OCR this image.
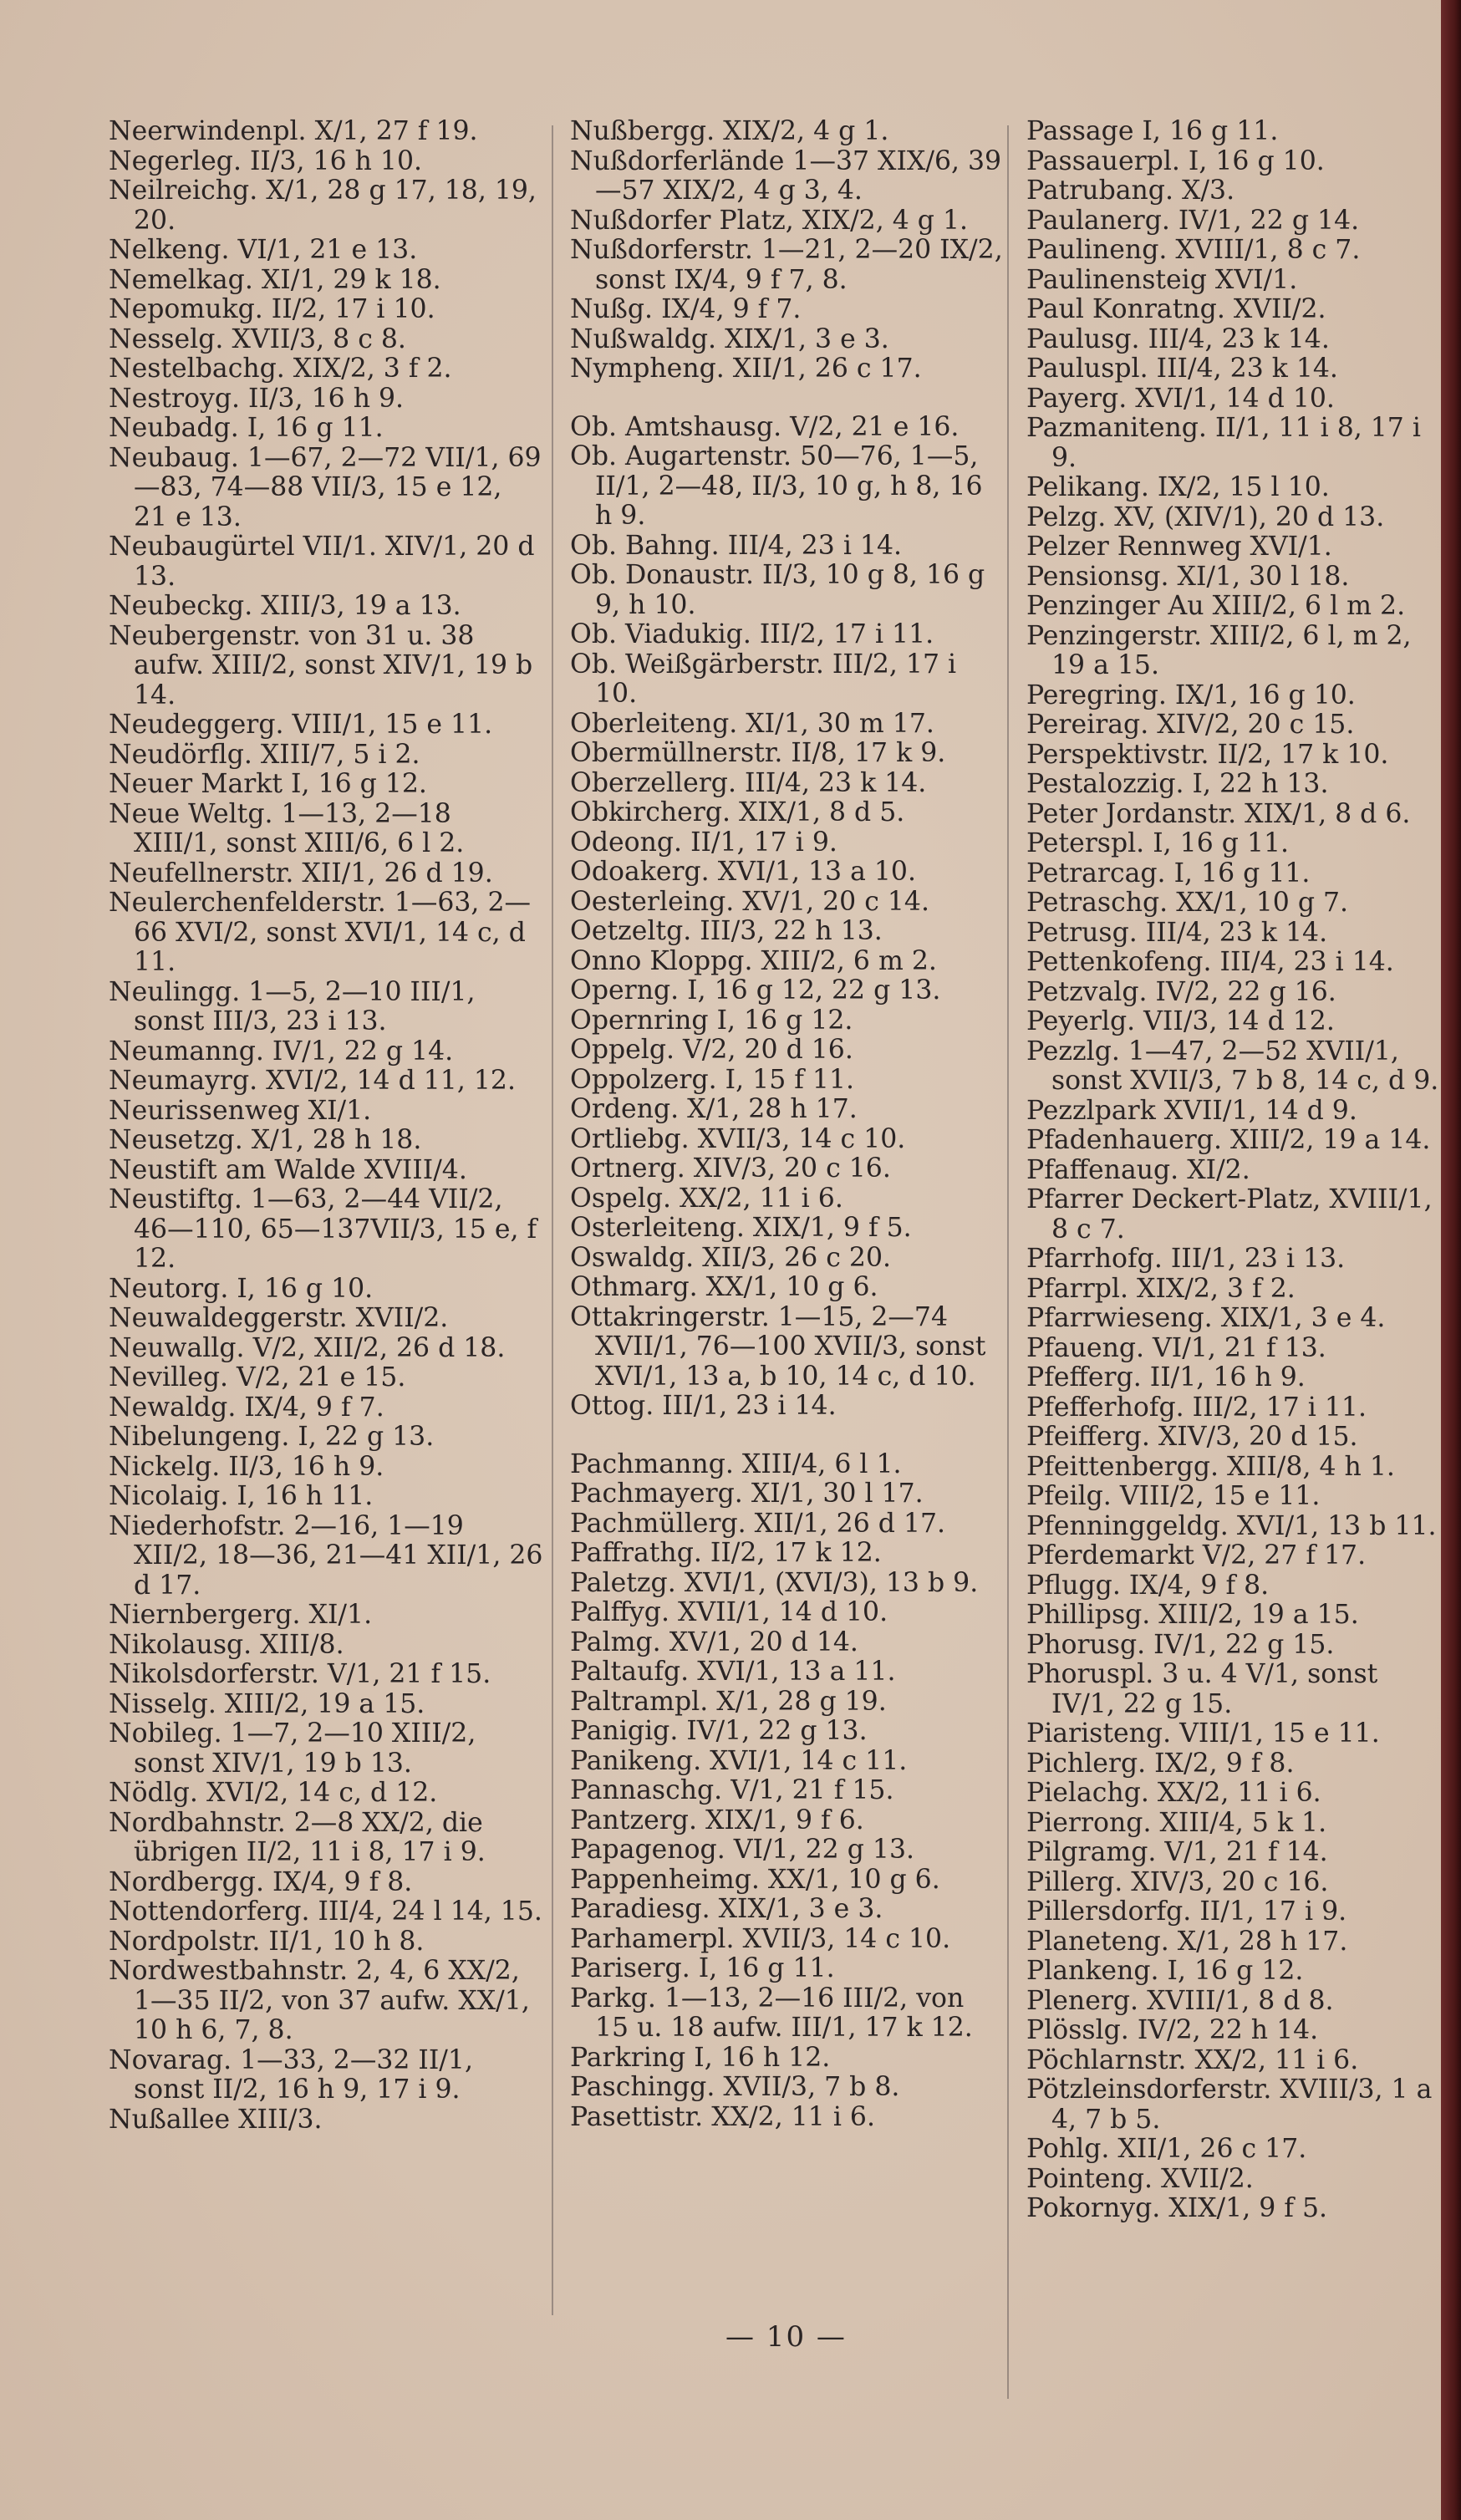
Neerwindenpl. X/1, 27 f 19.
Negerleg. II/3, 16 h 10.
Neilreichg. X/1, 28 g 17, 18, 19, 20.
Nelkeng. VI/1, 21 e 13.
Nemelkag. XI/1, 29 k 18.
Nepomukg. II/2, 17 i 10.
Nesselg. XVII/3, 8 c 8.
Nestelbachg. XIX/2, 3 f 2.
Nestroyg. II/3, 16 h 9.
Neubadg. I, 16 g 11.
Neubaug. 1—67, 2—72 VII/1, 69—83, 74—88 VII/3, 15 e 12, 21 e 13.
Neubaugürtel VII/1. XIV/1, 20 d 13.
Neubeckg. XIII/3, 19 a 13.
Neubergenstr. von 31 u. 38 aufw. XIII/2, sonst XIV/1, 19 b 14.
Neudeggerg. VIII/1, 15 e 11.
Neudörflg. XIII/7, 5 i 2.
Neuer Markt I, 16 g 12.
Neue Weltg. 1—13, 2—18 XIII/1, sonst XIII/6, 6 l 2.
Neufellnerstr. XII/1, 26 d 19.
Neulerchenfelderstr. 1—63, 2—66 XVI/2, sonst XVI/1, 14 c, d 11.
Neulingg. 1—5, 2—10 III/1, sonst III/3, 23 i 13.
Neumanng. IV/1, 22 g 14.
Neumayrg. XVI/2, 14 d 11, 12.
Neurissenweg XI/1.
Neusetzg. X/1, 28 h 18.
Neustift am Walde XVIII/4.
Neustiftg. 1—63, 2—44 VII/2, 46—110, 65—137VII/3, 15 e, f 12.
Neutorg. I, 16 g 10.
Neuwaldeggerstr. XVII/2.
Neuwallg. V/2, XII/2, 26 d 18.
Nevilleg. V/2, 21 e 15.
Newaldg. IX/4, 9 f 7.
Nibelungeng. I, 22 g 13.
Nickelg. II/3, 16 h 9.
Nicolaig. I, 16 h 11.
Niederhofstr. 2—16, 1—19 XII/2, 18—36, 21—41 XII/1, 26 d 17.
Niernbergerg. XI/1.
Nikolausg. XIII/8.
Nikolsdorferstr. V/1, 21 f 15.
Nisselg. XIII/2, 19 a 15.
Nobileg. 1—7, 2—10 XIII/2, sonst XIV/1, 19 b 13.
Nödlg. XVI/2, 14 c, d 12.
Nordbahnstr. 2—8 XX/2, die übrigen II/2, 11 i 8, 17 i 9.
Nordbergg. IX/4, 9 f 8.
Nottendorferg. III/4, 24 l 14, 15.
Nordpolstr. II/1, 10 h 8.
Nordwestbahnstr. 2, 4, 6 XX/2, 1—35 II/2, von 37 aufw. XX/1, 10 h 6, 7, 8.
Novarag. 1—33, 2—32 II/1, sonst II/2, 16 h 9, 17 i 9.
Nußallee XIII/3.
Nußbergg. XIX/2, 4 g 1.
Nußdorferlände 1—37 XIX/6, 39—57 XIX/2, 4 g 3, 4.
Nußdorfer Platz, XIX/2, 4 g 1.
Nußdorferstr. 1—21, 2—20 IX/2, sonst IX/4, 9 f 7, 8.
Nußg. IX/4, 9 f 7.
Nußwaldg. XIX/1, 3 e 3.
Nympheng. XII/1, 26 c 17.
Ob. Amtshausg. V/2, 21 e 16.
Ob. Augartenstr. 50—76, 1—5, II/1, 2—48, II/3, 10 g, h 8, 16 h 9.
Ob. Bahng. III/4, 23 i 14.
Ob. Donaustr. II/3, 10 g 8, 16 g 9, h 10.
Ob. Viadukig. III/2, 17 i 11.
Ob. Weißgärberstr. III/2, 17 i 10.
Oberleiteng. XI/1, 30 m 17.
Obermüllnerstr. II/8, 17 k 9.
Oberzellerg. III/4, 23 k 14.
Obkircherg. XIX/1, 8 d 5.
Odeong. II/1, 17 i 9.
Odoakerg. XVI/1, 13 a 10.
Oesterleing. XV/1, 20 c 14.
Oetzeltg. III/3, 22 h 13.
Onno Kloppg. XIII/2, 6 m 2.
Operng. I, 16 g 12, 22 g 13.
Opernring I, 16 g 12.
Oppelg. V/2, 20 d 16.
Oppolzerg. I, 15 f 11.
Ordeng. X/1, 28 h 17.
Ortliebg. XVII/3, 14 c 10.
Ortnerg. XIV/3, 20 c 16.
Ospelg. XX/2, 11 i 6.
Osterleiteng. XIX/1, 9 f 5.
Oswaldg. XII/3, 26 c 20.
Othmarg. XX/1, 10 g 6.
Ottakringerstr. 1—15, 2—74 XVII/1, 76—100 XVII/3, sonst XVI/1, 13 a, b 10, 14 c, d 10.
Ottog. III/1, 23 i 14.
Pachmanng. XIII/4, 6 l 1.
Pachmayerg. XI/1, 30 l 17.
Pachmüllerg. XII/1, 26 d 17.
Paffrathg. II/2, 17 k 12.
Paletzg. XVI/1, (XVI/3), 13 b 9.
Palffyg. XVII/1, 14 d 10.
Palmg. XV/1, 20 d 14.
Paltaufg. XVI/1, 13 a 11.
Paltrampl. X/1, 28 g 19.
Panigig. IV/1, 22 g 13.
Panikeng. XVI/1, 14 c 11.
Pannaschg. V/1, 21 f 15.
Pantzerg. XIX/1, 9 f 6.
Papagenog. VI/1, 22 g 13.
Pappenheimg. XX/1, 10 g 6.
Paradiesg. XIX/1, 3 e 3.
Parhamerpl. XVII/3, 14 c 10.
Pariserg. I, 16 g 11.
Parkg. 1—13, 2—16 III/2, von 15 u. 18 aufw. III/1, 17 k 12.
Parkring I, 16 h 12.
Paschingg. XVII/3, 7 b 8.
Pasettistr. XX/2, 11 i 6.
Passage I, 16 g 11.
Passauerpl. I, 16 g 10.
Patrubang. X/3.
Paulanerg. IV/1, 22 g 14.
Paulineng. XVIII/1, 8 c 7.
Paulinensteig XVI/1.
Paul Konratng. XVII/2.
Paulusg. III/4, 23 k 14.
Pauluspl. III/4, 23 k 14.
Payerg. XVI/1, 14 d 10.
Pazmaniteng. II/1, 11 i 8, 17 i 9.
Pelikang. IX/2, 15 l 10.
Pelzg. XV, (XIV/1), 20 d 13.
Pelzer Rennweg XVI/1.
Pensionsg. XI/1, 30 l 18.
Penzinger Au XIII/2, 6 l m 2.
Penzingerstr. XIII/2, 6 l, m 2, 19 a 15.
Peregring. IX/1, 16 g 10.
Pereirag. XIV/2, 20 c 15.
Perspektivstr. II/2, 17 k 10.
Pestalozzig. I, 22 h 13.
Peter Jordanstr. XIX/1, 8 d 6.
Peterspl. I, 16 g 11.
Petrarcag. I, 16 g 11.
Petraschg. XX/1, 10 g 7.
Petrusg. III/4, 23 k 14.
Pettenkofeng. III/4, 23 i 14.
Petzvalg. IV/2, 22 g 16.
Peyerlg. VII/3, 14 d 12.
Pezzlg. 1—47, 2—52 XVII/1, sonst XVII/3, 7 b 8, 14 c, d 9.
Pezzlpark XVII/1, 14 d 9.
Pfadenhauerg. XIII/2, 19 a 14.
Pfaffenaug. XI/2.
Pfarrer Deckert-Platz, XVIII/1, 8 c 7.
Pfarrhofg. III/1, 23 i 13.
Pfarrpl. XIX/2, 3 f 2.
Pfarrwieseng. XIX/1, 3 e 4.
Pfaueng. VI/1, 21 f 13.
Pfefferg. II/1, 16 h 9.
Pfefferhofg. III/2, 17 i 11.
Pfeifferg. XIV/3, 20 d 15.
Pfeittenbergg. XIII/8, 4 h 1.
Pfeilg. VIII/2, 15 e 11.
Pfenninggeldg. XVI/1, 13 b 11.
Pferdemarkt V/2, 27 f 17.
Pflugg. IX/4, 9 f 8.
Phillipsg. XIII/2, 19 a 15.
Phorusg. IV/1, 22 g 15.
Phoruspl. 3 u. 4 V/1, sonst IV/1, 22 g 15.
Piaristeng. VIII/1, 15 e 11.
Pichlerg. IX/2, 9 f 8.
Pielachg. XX/2, 11 i 6.
Pierrong. XIII/4, 5 k 1.
Pilgramg. V/1, 21 f 14.
Pillerg. XIV/3, 20 c 16.
Pillersdorfg. II/1, 17 i 9.
Planeteng. X/1, 28 h 17.
Plankeng. I, 16 g 12.
Plenerg. XVIII/1, 8 d 8.
Plösslg. IV/2, 22 h 14.
Pöchlarnstr. XX/2, 11 i 6.
Pötzleinsdorferstr. XVIII/3, 1 a 4, 7 b 5.
Pohlg. XII/1, 26 c 17.
Pointeng. XVII/2.
Pokornyg. XIX/1, 9 f 5.
— 10 —
